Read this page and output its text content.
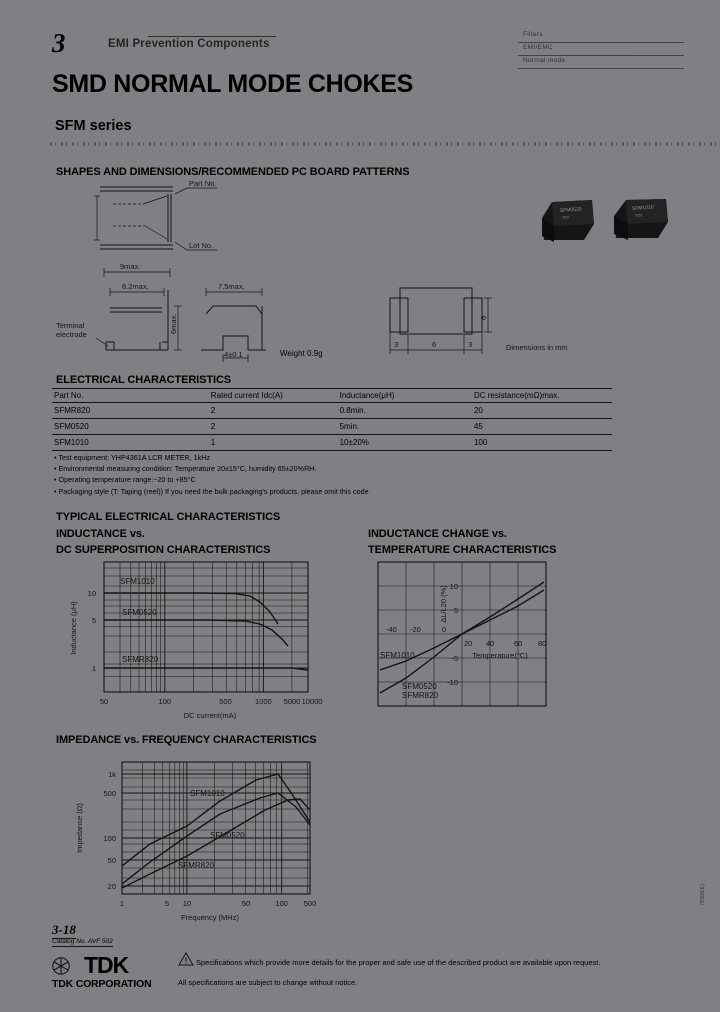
3	EMI Prevention Components
SMD NORMAL MODE CHOKES
SFM series
Filters
EMI/EMC
Normal mode
SHAPES AND DIMENSIONS/RECOMMENDED PC BOARD PATTERNS
Part No.
Lot No.
9max.
8.2max.
6max.
Terminal
electrode
7.5max.
4±0.1	Weight 0.9g
6
3	6	3	Dimensions in mm
SFM0520
TDK
SFM1010
TDK
ELECTRICAL CHARACTERISTICS
Part No.	Rated current Idc(A)	Inductance(μH)	DC resistance(mΩ)max.
SFMR820	2	0.8min.	20
SFM0520	2	5min.	45
SFM1010	1	10±20%	100
• Test equipment: YHP4361A LCR METER, 1kHz
• Environmental measuring condition: Temperature 20±15°C, humidity 65±20%RH.
• Operating temperature range:−20 to +85°C
• Packaging style (T: Taping (reel)) If you need the bulk packaging's products, please omit this code
TYPICAL ELECTRICAL CHARACTERISTICS
INDUCTANCE vs.
DC SUPERPOSITION CHARACTERISTICS
1
5
10
50	100	500	1000 5000 10000
Inductance (μH)
DC current(mA)
SFM1010
SFM0520
SFMR820
INDUCTANCE CHANGE vs.
TEMPERATURE CHARACTERISTICS
10
5
-5
-10
-40 -20	0
20 40	60 80
ΔL/L20 (%)
Temperature(°C)
SFM1010
SFM0520
SFMR820
IMPEDANCE vs. FREQUENCY CHARACTERISTICS
20
50
100
500
1k
1	5 10	50	100 500
Impedance (Ω)
Frequency (MHz)
SFM1010
SFM0520
SFMR820
3-18
Catalog No. AVF 502
TDK
TDK CORPORATION
Specifications which provide more details for the proper and safe use of the described product are available upon request.
All specifications are subject to change without notice.
(8309/E)
